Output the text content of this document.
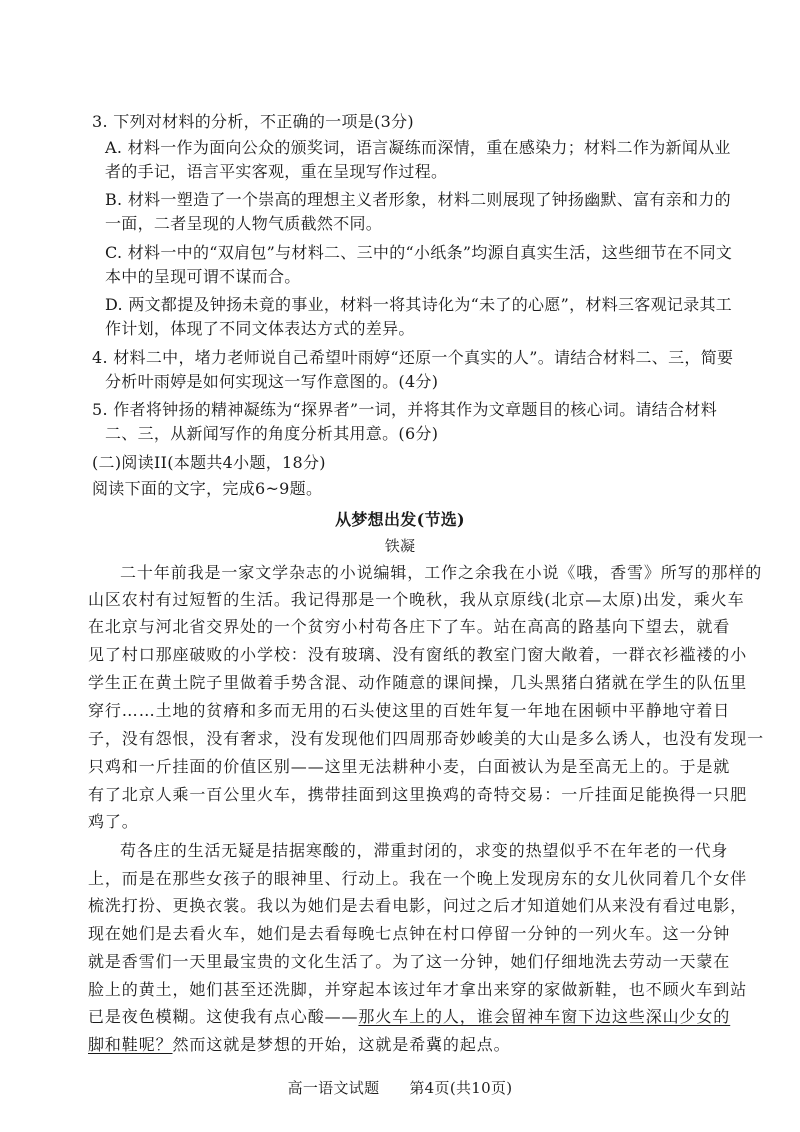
3. 下列对材料的分析，不正确的一项是(3分)
A. 材料一作为面向公众的颁奖词，语言凝练而深情，重在感染力；材料二作为新闻从业
者的手记，语言平实客观，重在呈现写作过程。
B. 材料一塑造了一个崇高的理想主义者形象，材料二则展现了钟扬幽默、富有亲和力的
一面，二者呈现的人物气质截然不同。
C. 材料一中的“双肩包”与材料二、三中的“小纸条”均源自真实生活，这些细节在不同文
本中的呈现可谓不谋而合。
D. 两文都提及钟扬未竟的事业，材料一将其诗化为“未了的心愿”，材料三客观记录其工
作计划，体现了不同文体表达方式的差异。
4. 材料二中，堵力老师说自己希望叶雨婷“还原一个真实的人”。请结合材料二、三，简要
分析叶雨婷是如何实现这一写作意图的。(4分)
5. 作者将钟扬的精神凝练为“探界者”一词，并将其作为文章题目的核心词。请结合材料
二、三，从新闻写作的角度分析其用意。(6分)
(二)阅读II(本题共4小题，18分)
阅读下面的文字，完成6~9题。
从梦想出发(节选)
铁凝
二十年前我是一家文学杂志的小说编辑，工作之余我在小说《哦，香雪》所写的那样的
山区农村有过短暂的生活。我记得那是一个晚秋，我从京原线(北京—太原)出发，乘火车
在北京与河北省交界处的一个贫穷小村苟各庄下了车。站在高高的路基向下望去，就看
见了村口那座破败的小学校：没有玻璃、没有窗纸的教室门窗大敞着，一群衣衫褴褛的小
学生正在黄土院子里做着手势含混、动作随意的课间操，几头黑猪白猪就在学生的队伍里
穿行……土地的贫瘠和多而无用的石头使这里的百姓年复一年地在困顿中平静地守着日
子，没有怨恨，没有奢求，没有发现他们四周那奇妙峻美的大山是多么诱人，也没有发现一
只鸡和一斤挂面的价值区别——这里无法耕种小麦，白面被认为是至高无上的。于是就
有了北京人乘一百公里火车，携带挂面到这里换鸡的奇特交易：一斤挂面足能换得一只肥
鸡了。
苟各庄的生活无疑是拮据寒酸的，滞重封闭的，求变的热望似乎不在年老的一代身
上，而是在那些女孩子的眼神里、行动上。我在一个晚上发现房东的女儿伙同着几个女伴
梳洗打扮、更换衣裳。我以为她们是去看电影，问过之后才知道她们从来没有看过电影，
现在她们是去看火车，她们是去看每晚七点钟在村口停留一分钟的一列火车。这一分钟
就是香雪们一天里最宝贵的文化生活了。为了这一分钟，她们仔细地洗去劳动一天蒙在
脸上的黄土，她们甚至还洗脚，并穿起本该过年才拿出来穿的家做新鞋，也不顾火车到站
已是夜色模糊。这使我有点心酸——那火车上的人，谁会留神车窗下边这些深山少女的
脚和鞋呢？然而这就是梦想的开始，这就是希冀的起点。
高一语文试题 第4页(共10页)
